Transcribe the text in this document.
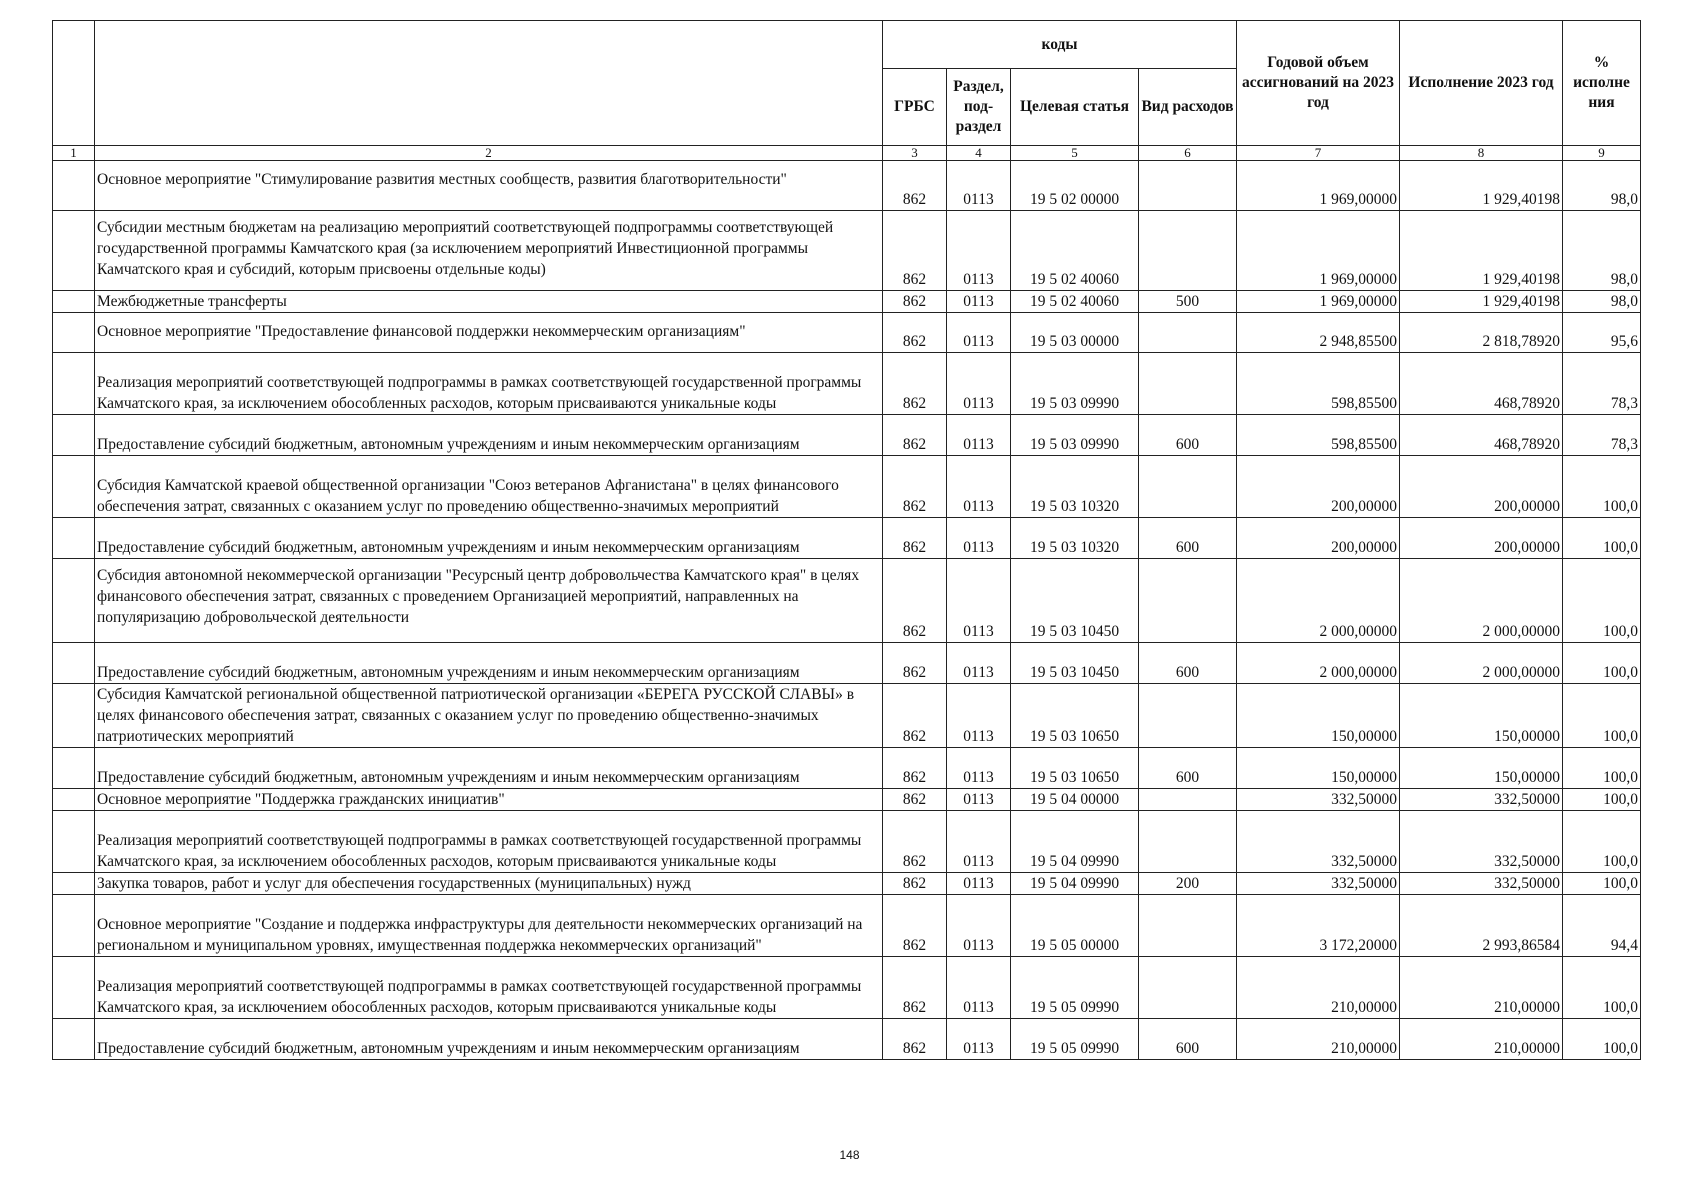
		коды				Годовой объем ассигнований на 2023 год	Исполнение 2023 год	% исполне ния
		ГРБС	Раздел, под-раздел	Целевая статья	Вид расходов			
1	2	3	4	5	6	7	8	9
	Основное мероприятие "Стимулирование развития местных сообществ, развития благотворительности"	862	0113	19 5 02 00000		1 969,00000	1 929,40198	98,0
	Субсидии местным бюджетам на реализацию мероприятий соответствующей подпрограммы соответствующей государственной программы Камчатского края (за исключением мероприятий Инвестиционной программы Камчатского края и субсидий, которым присвоены отдельные коды)	862	0113	19 5 02 40060		1 969,00000	1 929,40198	98,0
	Межбюджетные трансферты	862	0113	19 5 02 40060	500	1 969,00000	1 929,40198	98,0
	Основное мероприятие "Предоставление финансовой поддержки некоммерческим организациям"	862	0113	19 5 03 00000		2 948,85500	2 818,78920	95,6
	Реализация мероприятий соответствующей подпрограммы в рамках соответствующей государственной программы Камчатского края, за исключением обособленных расходов, которым присваиваются уникальные коды	862	0113	19 5 03 09990		598,85500	468,78920	78,3
	Предоставление субсидий бюджетным, автономным учреждениям и иным некоммерческим организациям	862	0113	19 5 03 09990	600	598,85500	468,78920	78,3
	Субсидия Камчатской краевой общественной организации "Союз ветеранов Афганистана" в целях финансового обеспечения затрат, связанных с оказанием услуг по проведению общественно-значимых мероприятий	862	0113	19 5 03 10320		200,00000	200,00000	100,0
	Предоставление субсидий бюджетным, автономным учреждениям и иным некоммерческим организациям	862	0113	19 5 03 10320	600	200,00000	200,00000	100,0
	Субсидия автономной некоммерческой организации "Ресурсный центр добровольчества Камчатского края" в целях финансового обеспечения затрат, связанных с проведением Организацией мероприятий, направленных на популяризацию добровольческой деятельности	862	0113	19 5 03 10450		2 000,00000	2 000,00000	100,0
	Предоставление субсидий бюджетным, автономным учреждениям и иным некоммерческим организациям	862	0113	19 5 03 10450	600	2 000,00000	2 000,00000	100,0
	Субсидия Камчатской региональной общественной патриотической организации «БЕРЕГА РУССКОЙ СЛАВЫ» в целях финансового обеспечения затрат, связанных с оказанием услуг по проведению общественно-значимых патриотических мероприятий	862	0113	19 5 03 10650		150,00000	150,00000	100,0
	Предоставление субсидий бюджетным, автономным учреждениям и иным некоммерческим организациям	862	0113	19 5 03 10650	600	150,00000	150,00000	100,0
	Основное мероприятие "Поддержка гражданских инициатив"	862	0113	19 5 04 00000		332,50000	332,50000	100,0
	Реализация мероприятий соответствующей подпрограммы в рамках соответствующей государственной программы Камчатского края, за исключением обособленных расходов, которым присваиваются уникальные коды	862	0113	19 5 04 09990		332,50000	332,50000	100,0
	Закупка товаров, работ и услуг для обеспечения государственных (муниципальных) нужд	862	0113	19 5 04 09990	200	332,50000	332,50000	100,0
	Основное мероприятие "Создание и поддержка инфраструктуры для деятельности некоммерческих организаций на региональном и муниципальном уровнях, имущественная поддержка некоммерческих организаций"	862	0113	19 5 05 00000		3 172,20000	2 993,86584	94,4
	Реализация мероприятий соответствующей подпрограммы в рамках соответствующей государственной программы Камчатского края, за исключением обособленных расходов, которым присваиваются уникальные коды	862	0113	19 5 05 09990		210,00000	210,00000	100,0
	Предоставление субсидий бюджетным, автономным учреждениям и иным некоммерческим организациям	862	0113	19 5 05 09990	600	210,00000	210,00000	100,0
148
